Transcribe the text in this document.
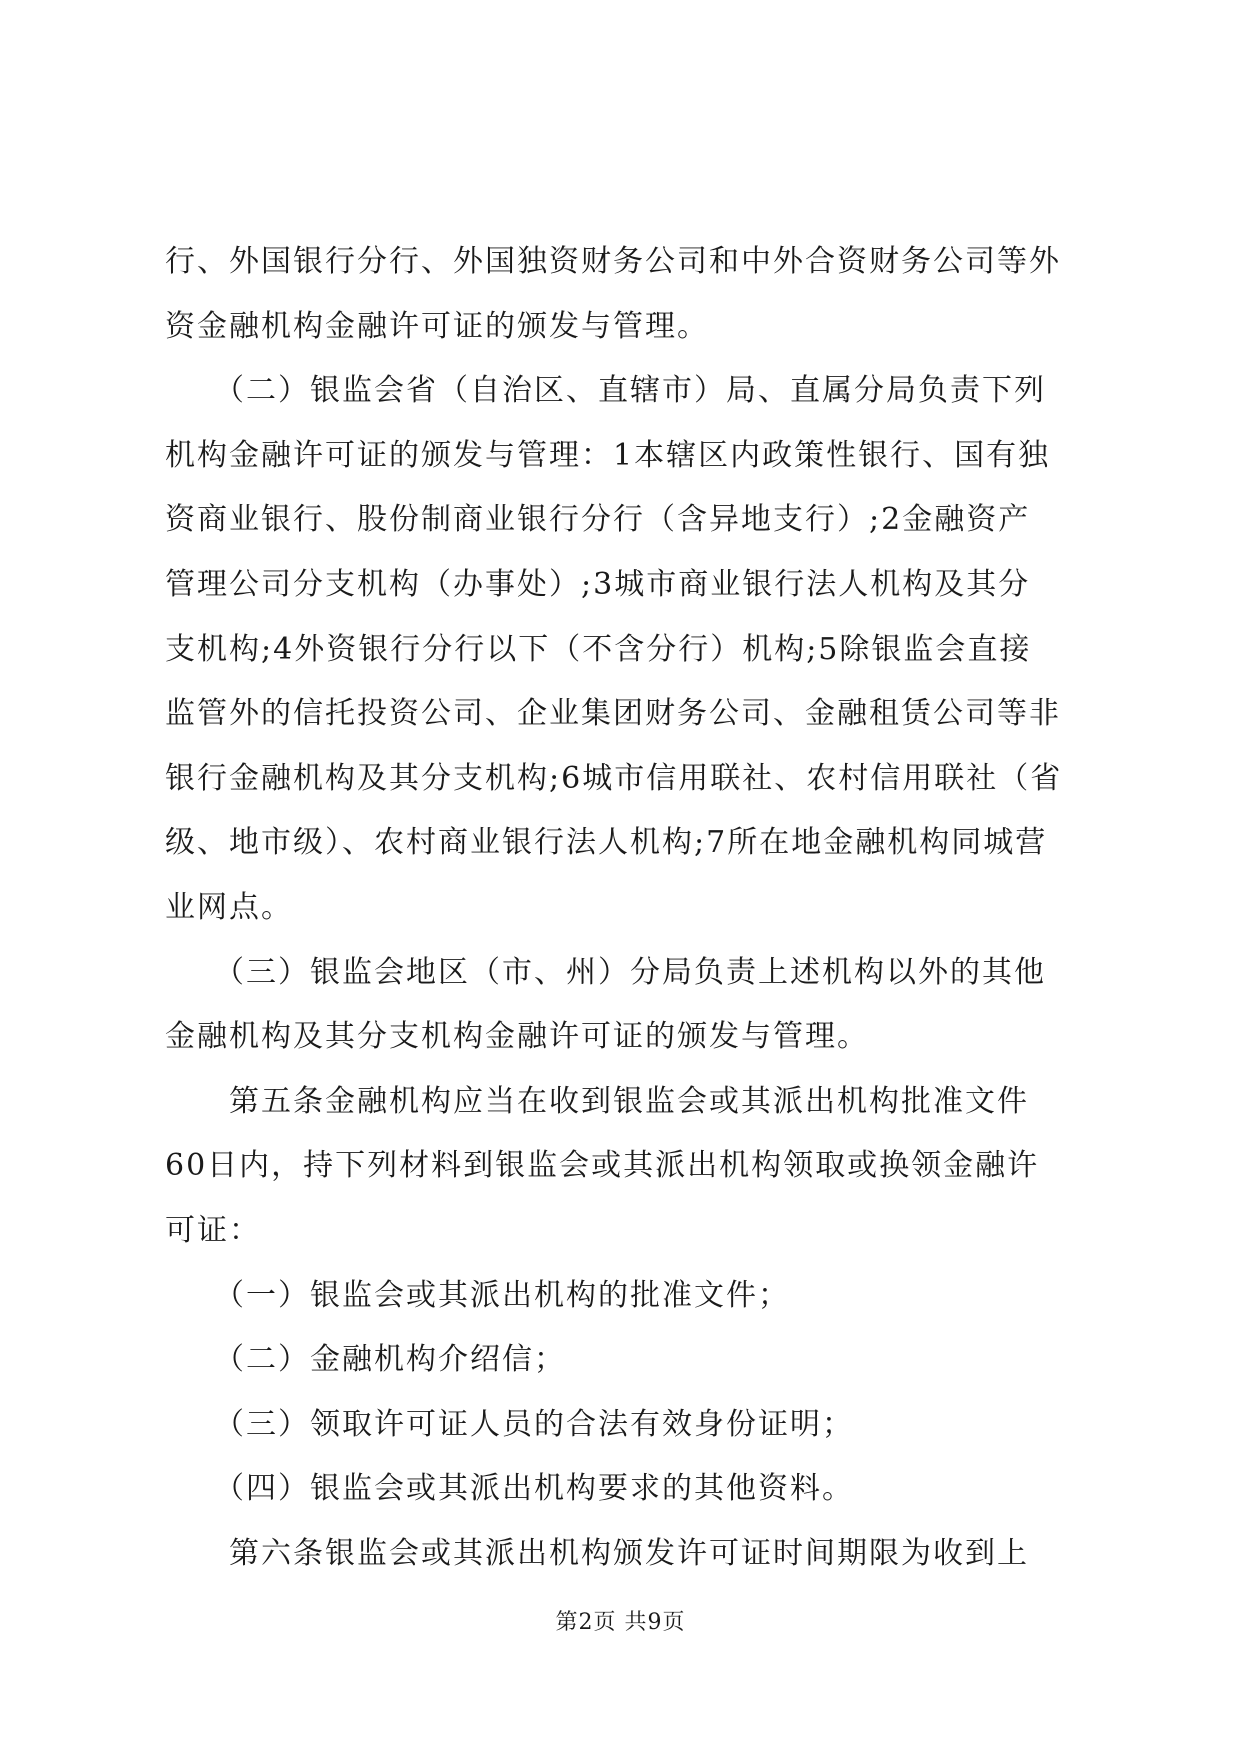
行、外国银行分行、外国独资财务公司和中外合资财务公司等外
资金融机构金融许可证的颁发与管理。
　　（二）银监会省（自治区、直辖市）局、直属分局负责下列
机构金融许可证的颁发与管理：1本辖区内政策性银行、国有独
资商业银行、股份制商业银行分行（含异地支行）;2金融资产
管理公司分支机构（办事处）;3城市商业银行法人机构及其分
支机构;4外资银行分行以下（不含分行）机构;5除银监会直接
监管外的信托投资公司、企业集团财务公司、金融租赁公司等非
银行金融机构及其分支机构;6城市信用联社、农村信用联社（省
级、地市级）、农村商业银行法人机构;7所在地金融机构同城营
业网点。
　　（三）银监会地区（市、州）分局负责上述机构以外的其他
金融机构及其分支机构金融许可证的颁发与管理。
　　第五条金融机构应当在收到银监会或其派出机构批准文件
60日内，持下列材料到银监会或其派出机构领取或换领金融许
可证：
　　（一）银监会或其派出机构的批准文件；
　　（二）金融机构介绍信；
　　（三）领取许可证人员的合法有效身份证明；
　　（四）银监会或其派出机构要求的其他资料。
　　第六条银监会或其派出机构颁发许可证时间期限为收到上
第2页 共9页
